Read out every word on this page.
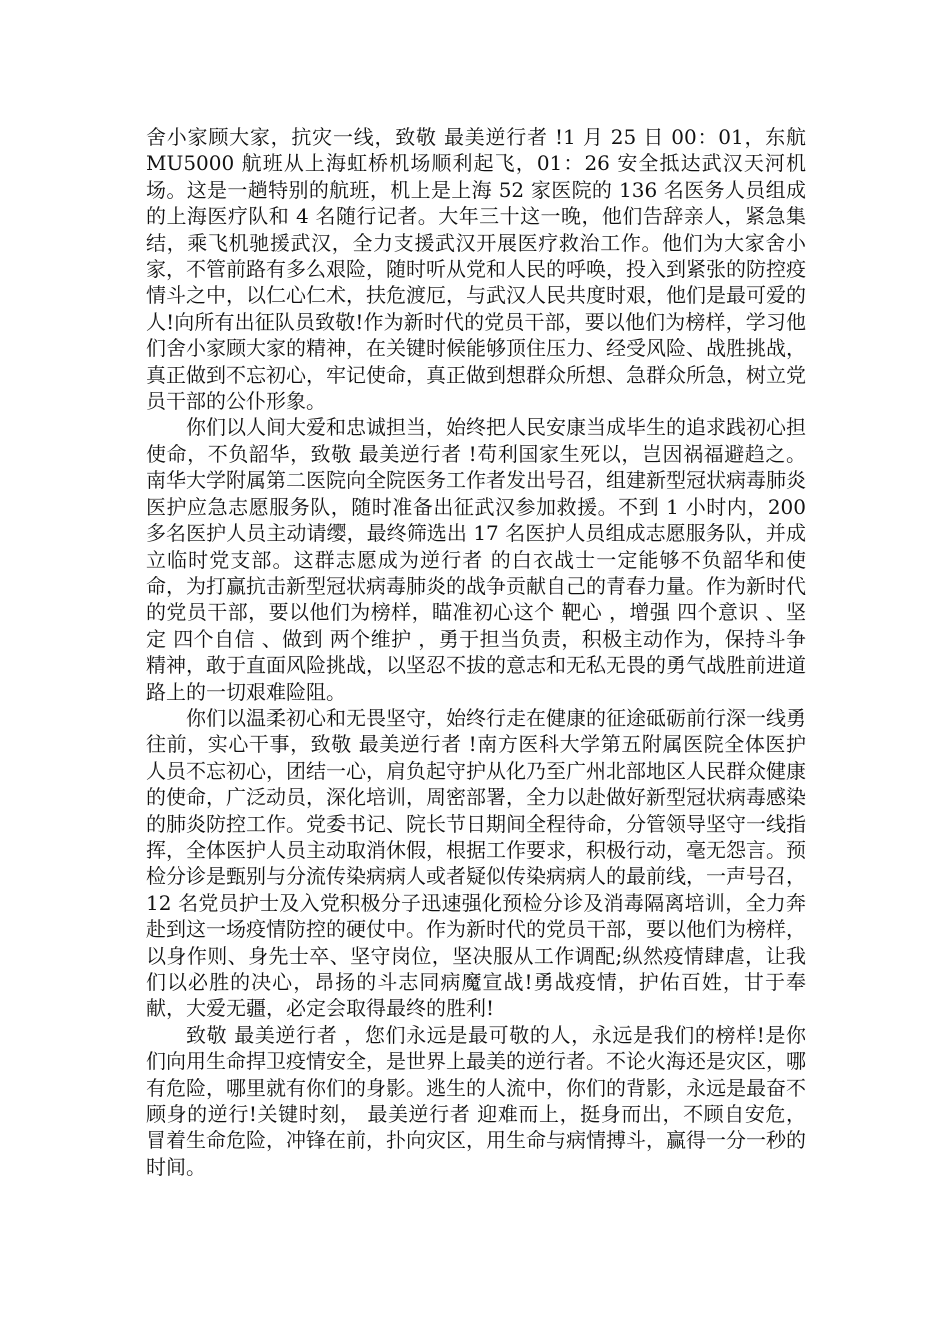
舍小家顾大家，抗灾一线，致敬 最美逆行者 !1 月 25 日 00：01，东航 MU5000 航班从上海虹桥机场顺利起飞，01：26 安全抵达武汉天河机场。这是一趟特别的航班，机上是上海 52 家医院的 136 名医务人员组成的上海医疗队和 4 名随行记者。大年三十这一晚，他们告辞亲人，紧急集结，乘飞机驰援武汉，全力支援武汉开展医疗救治工作。他们为大家舍小家，不管前路有多么艰险，随时听从党和人民的呼唤，投入到紧张的防控疫情斗之中，以仁心仁术，扶危渡厄，与武汉人民共度时艰，他们是最可爱的人!向所有出征队员致敬!作为新时代的党员干部，要以他们为榜样，学习他们舍小家顾大家的精神，在关键时候能够顶住压力、经受风险、战胜挑战，真正做到不忘初心，牢记使命，真正做到想群众所想、急群众所急，树立党员干部的公仆形象。

你们以人间大爱和忠诚担当，始终把人民安康当成毕生的追求践初心担使命，不负韶华，致敬 最美逆行者 !苟利国家生死以，岂因祸福避趋之。南华大学附属第二医院向全院医务工作者发出号召，组建新型冠状病毒肺炎医护应急志愿服务队，随时准备出征武汉参加救援。不到 1 小时内，200 多名医护人员主动请缨，最终筛选出 17 名医护人员组成志愿服务队，并成立临时党支部。这群志愿成为逆行者 的白衣战士一定能够不负韶华和使命，为打赢抗击新型冠状病毒肺炎的战争贡献自己的青春力量。作为新时代的党员干部，要以他们为榜样，瞄准初心这个 靶心 ，增强 四个意识 、坚定 四个自信 、做到 两个维护 ，勇于担当负责，积极主动作为，保持斗争精神，敢于直面风险挑战，以坚忍不拔的意志和无私无畏的勇气战胜前进道路上的一切艰难险阻。

你们以温柔初心和无畏坚守，始终行走在健康的征途砥砺前行深一线勇往前，实心干事，致敬 最美逆行者 !南方医科大学第五附属医院全体医护人员不忘初心，团结一心，肩负起守护从化乃至广州北部地区人民群众健康的使命，广泛动员，深化培训，周密部署，全力以赴做好新型冠状病毒感染的肺炎防控工作。党委书记、院长节日期间全程待命，分管领导坚守一线指挥，全体医护人员主动取消休假，根据工作要求，积极行动，毫无怨言。预检分诊是甄别与分流传染病病人或者疑似传染病病人的最前线，一声号召，12 名党员护士及入党积极分子迅速强化预检分诊及消毒隔离培训，全力奔赴到这一场疫情防控的硬仗中。作为新时代的党员干部，要以他们为榜样，以身作则、身先士卒、坚守岗位，坚决服从工作调配;纵然疫情肆虐，让我们以必胜的决心，昂扬的斗志同病魔宣战!勇战疫情，护佑百姓，甘于奉献，大爱无疆，必定会取得最终的胜利!

致敬 最美逆行者 ，您们永远是最可敬的人，永远是我们的榜样!是你们向用生命捍卫疫情安全，是世界上最美的逆行者。不论火海还是灾区，哪有危险，哪里就有你们的身影。逃生的人流中，你们的背影，永远是最奋不顾身的逆行!关键时刻， 最美逆行者 迎难而上，挺身而出，不顾自安危，冒着生命危险，冲锋在前，扑向灾区，用生命与病情搏斗，赢得一分一秒的时间。
